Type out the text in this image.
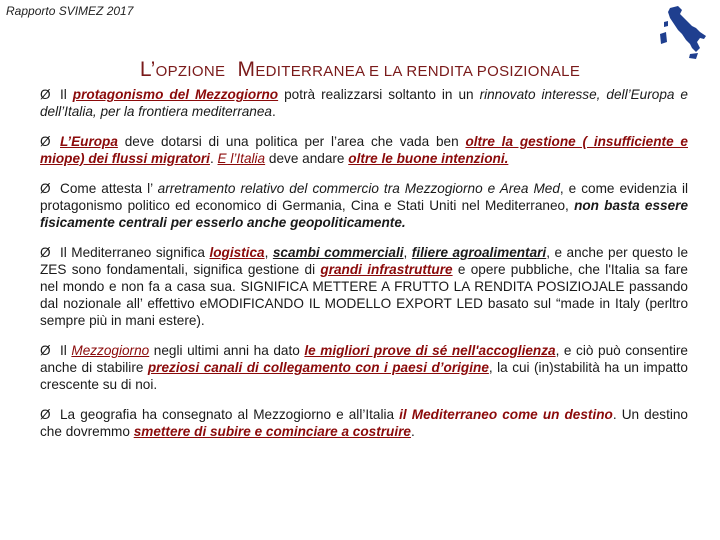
Rapporto SVIMEZ 2017
L’OPZIONE MEDITERRANEA E LA RENDITA POSIZIONALE

Ø Il protagonismo del Mezzogiorno potrà realizzarsi soltanto in un rinnovato interesse, dell’Europa e dell’Italia, per la frontiera mediterranea.

Ø L’Europa deve dotarsi di una politica per l’area che vada ben oltre la gestione ( insufficiente e miope) dei flussi migratori. E l’Italia deve andare oltre le buone intenzioni.

Ø Come attesta l’ arretramento relativo del commercio tra Mezzogiorno e Area Med, e come evidenzia il protagonismo politico ed economico di Germania, Cina e Stati Uniti nel Mediterraneo, non basta essere fisicamente centrali per esserlo anche geopoliticamente.

Ø Il Mediterraneo significa logistica, scambi commerciali, filiere agroalimentari, e anche per questo le ZES sono fondamentali, significa gestione di grandi infrastrutture e opere pubbliche, che l'Italia sa fare nel mondo e non fa a casa sua. SIGNIFICA METTERE A FRUTTO LA RENDITA POSIZIOJALE passando dal nozionale all’ effettivo eMODIFICANDO IL MODELLO EXPORT LED basato sul “made in Italy (perltro sempre più in mani estere).

Ø Il Mezzogiorno negli ultimi anni ha dato le migliori prove di sé nell'accoglienza, e ciò può consentire anche di stabilire preziosi canali di collegamento con i paesi d’origine, la cui (in)stabilità ha un impatto crescente su di noi.

Ø La geografia ha consegnato al Mezzogiorno e all’Italia il Mediterraneo come un destino. Un destino che dovremmo smettere di subire e cominciare a costruire.
